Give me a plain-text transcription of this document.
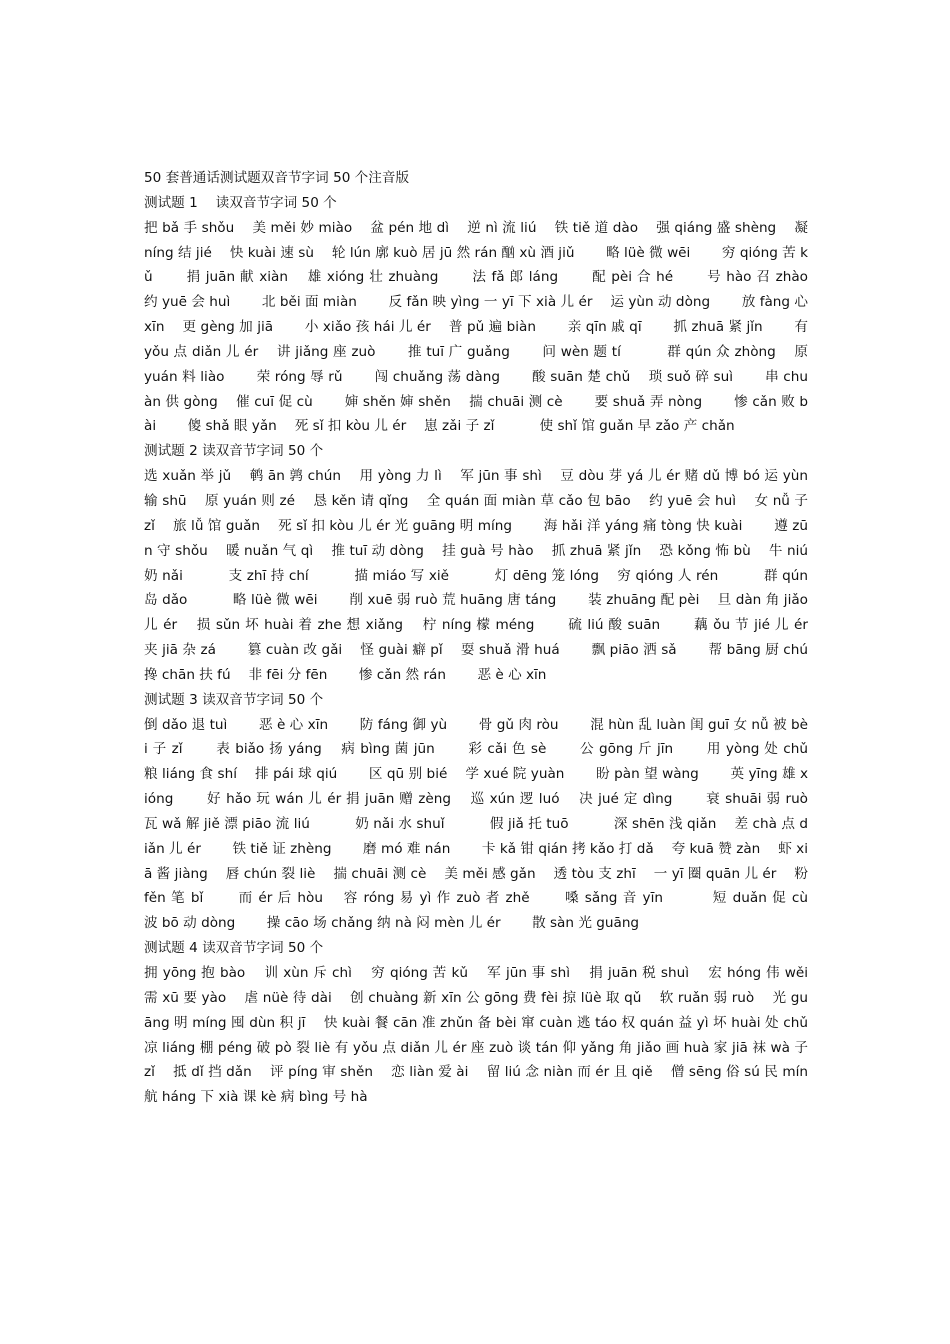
50 套普通话测试题双音节字词 50 个注音版
测试题 1　 读双音节字词 50 个

把 bǎ 手 shǒu　 美 měi 妙 miào　 盆 pén 地 dì　 逆 nì 流 liú　 铁 tiě 道 dào　 强 qiáng 盛 shèng　 凝 níng 结 jié　 快 kuài 速 sù　 轮 lún 廓 kuò 居 jū 然 rán 酗 xù 酒 jiǔ　　 略 lüè 微 wēi　　 穷 qióng 苦 kǔ　　 捐 juān 献 xiàn　 雄 xióng 壮 zhuàng　　 法 fǎ 郎 láng　　 配 pèi 合 hé　　 号 hào 召 zhào　 约 yuē 会 huì　　 北 běi 面 miàn　　 反 fǎn 映 yìng 一 yī 下 xià 儿 ér　 运 yùn 动 dòng　　 放 fàng 心 xīn　 更 gèng 加 jiā　　 小 xiǎo 孩 hái 儿 ér　 普 pǔ 遍 biàn　　 亲 qīn 戚 qī　　 抓 zhuā 紧 jǐn　　 有 yǒu 点 diǎn 儿 ér　 讲 jiǎng 座 zuò　　 推 tuī 广 guǎng　　 问 wèn 题 tí　　　 群 qún 众 zhòng　 原 yuán 料 liào　　 荣 róng 辱 rǔ　　 闯 chuǎng 荡 dàng　　 酸 suān 楚 chǔ　 琐 suǒ 碎 suì　　 串 chuàn 供 gòng　 催 cuī 促 cù　　 婶 shěn 婶 shěn　 揣 chuāi 测 cè　　 要 shuǎ 弄 nòng　　 惨 cǎn 败 bài　　 傻 shǎ 眼 yǎn　 死 sǐ 扣 kòu 儿 ér　 崽 zǎi 子 zǐ　　　 使 shǐ 馆 guǎn 早 zǎo 产 chǎn

测试题 2 读双音节字词 50 个

选 xuǎn 举 jǔ　 鹌 ān 鹑 chún　 用 yòng 力 lì　 军 jūn 事 shì　 豆 dòu 芽 yá 儿 ér 赌 dǔ 博 bó 运 yùn 输 shū　 原 yuán 则 zé　 恳 kěn 请 qǐng　 全 quán 面 miàn 草 cǎo 包 bāo　 约 yuē 会 huì　 女 nǚ 子 zǐ　 旅 lǚ 馆 guǎn　 死 sǐ 扣 kòu 儿 ér 光 guāng 明 míng　　 海 hǎi 洋 yáng 痛 tòng 快 kuài　　 遵 zūn 守 shǒu　 暖 nuǎn 气 qì　 推 tuī 动 dòng　 挂 guà 号 hào　 抓 zhuā 紧 jǐn　 恐 kǒng 怖 bù　 牛 niú 奶 nǎi　　　 支 zhī 持 chí　　　 描 miáo 写 xiě　　　 灯 dēng 笼 lóng　 穷 qióng 人 rén　　　 群 qún 岛 dǎo　　　 略 lüè 微 wēi　　 削 xuē 弱 ruò 荒 huāng 唐 táng　　 装 zhuāng 配 pèi　 旦 dàn 角 jiǎo 儿 ér　 损 sǔn 坏 huài 着 zhe 想 xiǎng　 柠 níng 檬 méng　　 硫 liú 酸 suān　　 藕 ǒu 节 jié 儿 ér　 夹 jiā 杂 zá　　 篡 cuàn 改 gǎi　 怪 guài 癖 pǐ　 耍 shuǎ 滑 huá　　 飘 piāo 洒 sǎ　　 帮 bāng 厨 chú　　 搀 chān 扶 fú　 非 fēi 分 fēn　　 惨 cǎn 然 rán　　 恶 è 心 xīn

测试题 3 读双音节字词 50 个

倒 dǎo 退 tuì　　 恶 è 心 xīn　　 防 fáng 御 yù　　 骨 gǔ 肉 ròu　　 混 hùn 乱 luàn 闺 guī 女 nǚ 被 bèi 子 zǐ　　 表 biǎo 扬 yáng　 病 bìng 菌 jūn　　 彩 cǎi 色 sè　　 公 gōng 斤 jīn　　 用 yòng 处 chǔ　 粮 liáng 食 shí　 排 pái 球 qiú　　 区 qū 别 bié　 学 xué 院 yuàn　　 盼 pàn 望 wàng　　 英 yīng 雄 xióng　　 好 hǎo 玩 wán 儿 ér 捐 juān 赠 zèng　 巡 xún 逻 luó　 决 jué 定 dìng　　 衰 shuāi 弱 ruò　 瓦 wǎ 解 jiě 漂 piāo 流 liú　　　 奶 nǎi 水 shuǐ　　　 假 jiǎ 托 tuō　　　 深 shēn 浅 qiǎn　 差 chà 点 diǎn 儿 ér　　 铁 tiě 证 zhèng　　 磨 mó 难 nán　　 卡 kǎ 钳 qián 拷 kǎo 打 dǎ　 夸 kuā 赞 zàn　 虾 xiā 酱 jiàng　 唇 chún 裂 liè　 揣 chuāi 测 cè　 美 měi 感 gǎn　 透 tòu 支 zhī　 一 yī 圈 quān 儿 ér　 粉 fěn 笔 bǐ　　 而 ér 后 hòu　 容 róng 易 yì 作 zuò 者 zhě　　 嗓 sǎng 音 yīn　　　 短 duǎn 促 cù　　 波 bō 动 dòng　　 操 cāo 场 chǎng 纳 nà 闷 mèn 儿 ér　　 散 sàn 光 guāng

测试题 4 读双音节字词 50 个

拥 yōng 抱 bào　 训 xùn 斥 chì　 穷 qióng 苦 kǔ　 军 jūn 事 shì　 捐 juān 税 shuì　 宏 hóng 伟 wěi　 需 xū 要 yào　 虐 nüè 待 dài　 创 chuàng 新 xīn 公 gōng 费 fèi 掠 lüè 取 qǔ　 软 ruǎn 弱 ruò　 光 guāng 明 míng 囤 dùn 积 jī　 快 kuài 餐 cān 准 zhǔn 备 bèi 窜 cuàn 逃 táo 权 quán 益 yì 坏 huài 处 chǔ 凉 liáng 棚 péng 破 pò 裂 liè 有 yǒu 点 diǎn 儿 ér 座 zuò 谈 tán 仰 yǎng 角 jiǎo 画 huà 家 jiā 袜 wà 子 zǐ　 抵 dǐ 挡 dǎn　 评 píng 审 shěn　 恋 liàn 爱 ài　 留 liú 念 niàn 而 ér 且 qiě　 僧 sēng 俗 sú 民 mín 航 háng 下 xià 课 kè 病 bìng 号 hà
